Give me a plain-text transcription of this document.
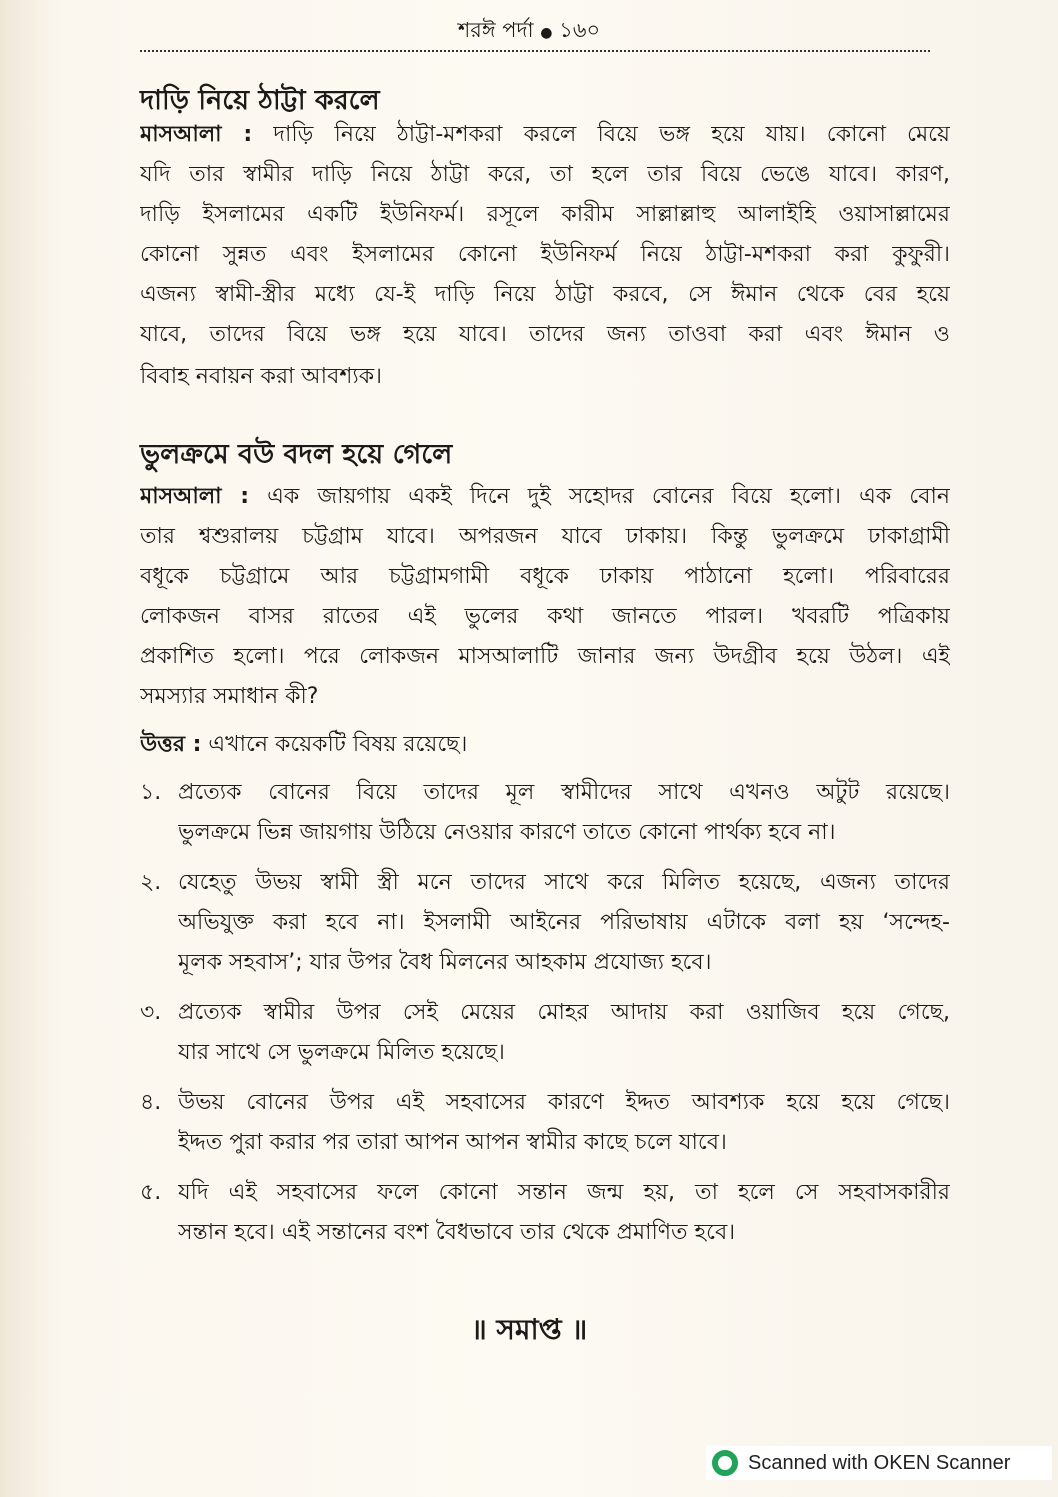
শরঈ পর্দা ● ১৬০
দাড়ি নিয়ে ঠাট্টা করলে
মাসআলা : দাড়ি নিয়ে ঠাট্টা-মশকরা করলে বিয়ে ভঙ্গ হয়ে যায়। কোনো মেয়ে
যদি তার স্বামীর দাড়ি নিয়ে ঠাট্টা করে, তা হলে তার বিয়ে ভেঙে যাবে। কারণ,
দাড়ি ইসলামের একটি ইউনিফর্ম। রসূলে কারীম সাল্লাল্লাহু আলাইহি ওয়াসাল্লামের
কোনো সুন্নত এবং ইসলামের কোনো ইউনিফর্ম নিয়ে ঠাট্টা-মশকরা করা কুফুরী।
এজন্য স্বামী-স্ত্রীর মধ্যে যে-ই দাড়ি নিয়ে ঠাট্টা করবে, সে ঈমান থেকে বের হয়ে
যাবে, তাদের বিয়ে ভঙ্গ হয়ে যাবে। তাদের জন্য তাওবা করা এবং ঈমান ও
বিবাহ নবায়ন করা আবশ্যক।
ভুলক্রমে বউ বদল হয়ে গেলে
মাসআলা : এক জায়গায় একই দিনে দুই সহোদর বোনের বিয়ে হলো। এক বোন
তার শ্বশুরালয় চট্টগ্রাম যাবে। অপরজন যাবে ঢাকায়। কিন্তু ভুলক্রমে ঢাকাগ্রামী
বধূকে চট্টগ্রামে আর চট্টগ্রামগামী বধূকে ঢাকায় পাঠানো হলো। পরিবারের
লোকজন বাসর রাতের এই ভুলের কথা জানতে পারল। খবরটি পত্রিকায়
প্রকাশিত হলো। পরে লোকজন মাসআলাটি জানার জন্য উদগ্রীব হয়ে উঠল। এই
সমস্যার সমাধান কী?
উত্তর : এখানে কয়েকটি বিষয় রয়েছে।
১. প্রত্যেক বোনের বিয়ে তাদের মূল স্বামীদের সাথে এখনও অটুট রয়েছে।
ভুলক্রমে ভিন্ন জায়গায় উঠিয়ে নেওয়ার কারণে তাতে কোনো পার্থক্য হবে না।
২. যেহেতু উভয় স্বামী স্ত্রী মনে তাদের সাথে করে মিলিত হয়েছে, এজন্য তাদের
অভিযুক্ত করা হবে না। ইসলামী আইনের পরিভাষায় এটাকে বলা হয় ‘সন্দেহ-
মূলক সহবাস’; যার উপর বৈধ মিলনের আহকাম প্রযোজ্য হবে।
৩. প্রত্যেক স্বামীর উপর সেই মেয়ের মোহর আদায় করা ওয়াজিব হয়ে গেছে,
যার সাথে সে ভুলক্রমে মিলিত হয়েছে।
৪. উভয় বোনের উপর এই সহবাসের কারণে ইদ্দত আবশ্যক হয়ে হয়ে গেছে।
ইদ্দত পুরা করার পর তারা আপন আপন স্বামীর কাছে চলে যাবে।
৫. যদি এই সহবাসের ফলে কোনো সন্তান জন্ম হয়, তা হলে সে সহবাসকারীর
সন্তান হবে। এই সন্তানের বংশ বৈধভাবে তার থেকে প্রমাণিত হবে।
॥ সমাপ্ত ॥
Scanned with OKEN Scanner
